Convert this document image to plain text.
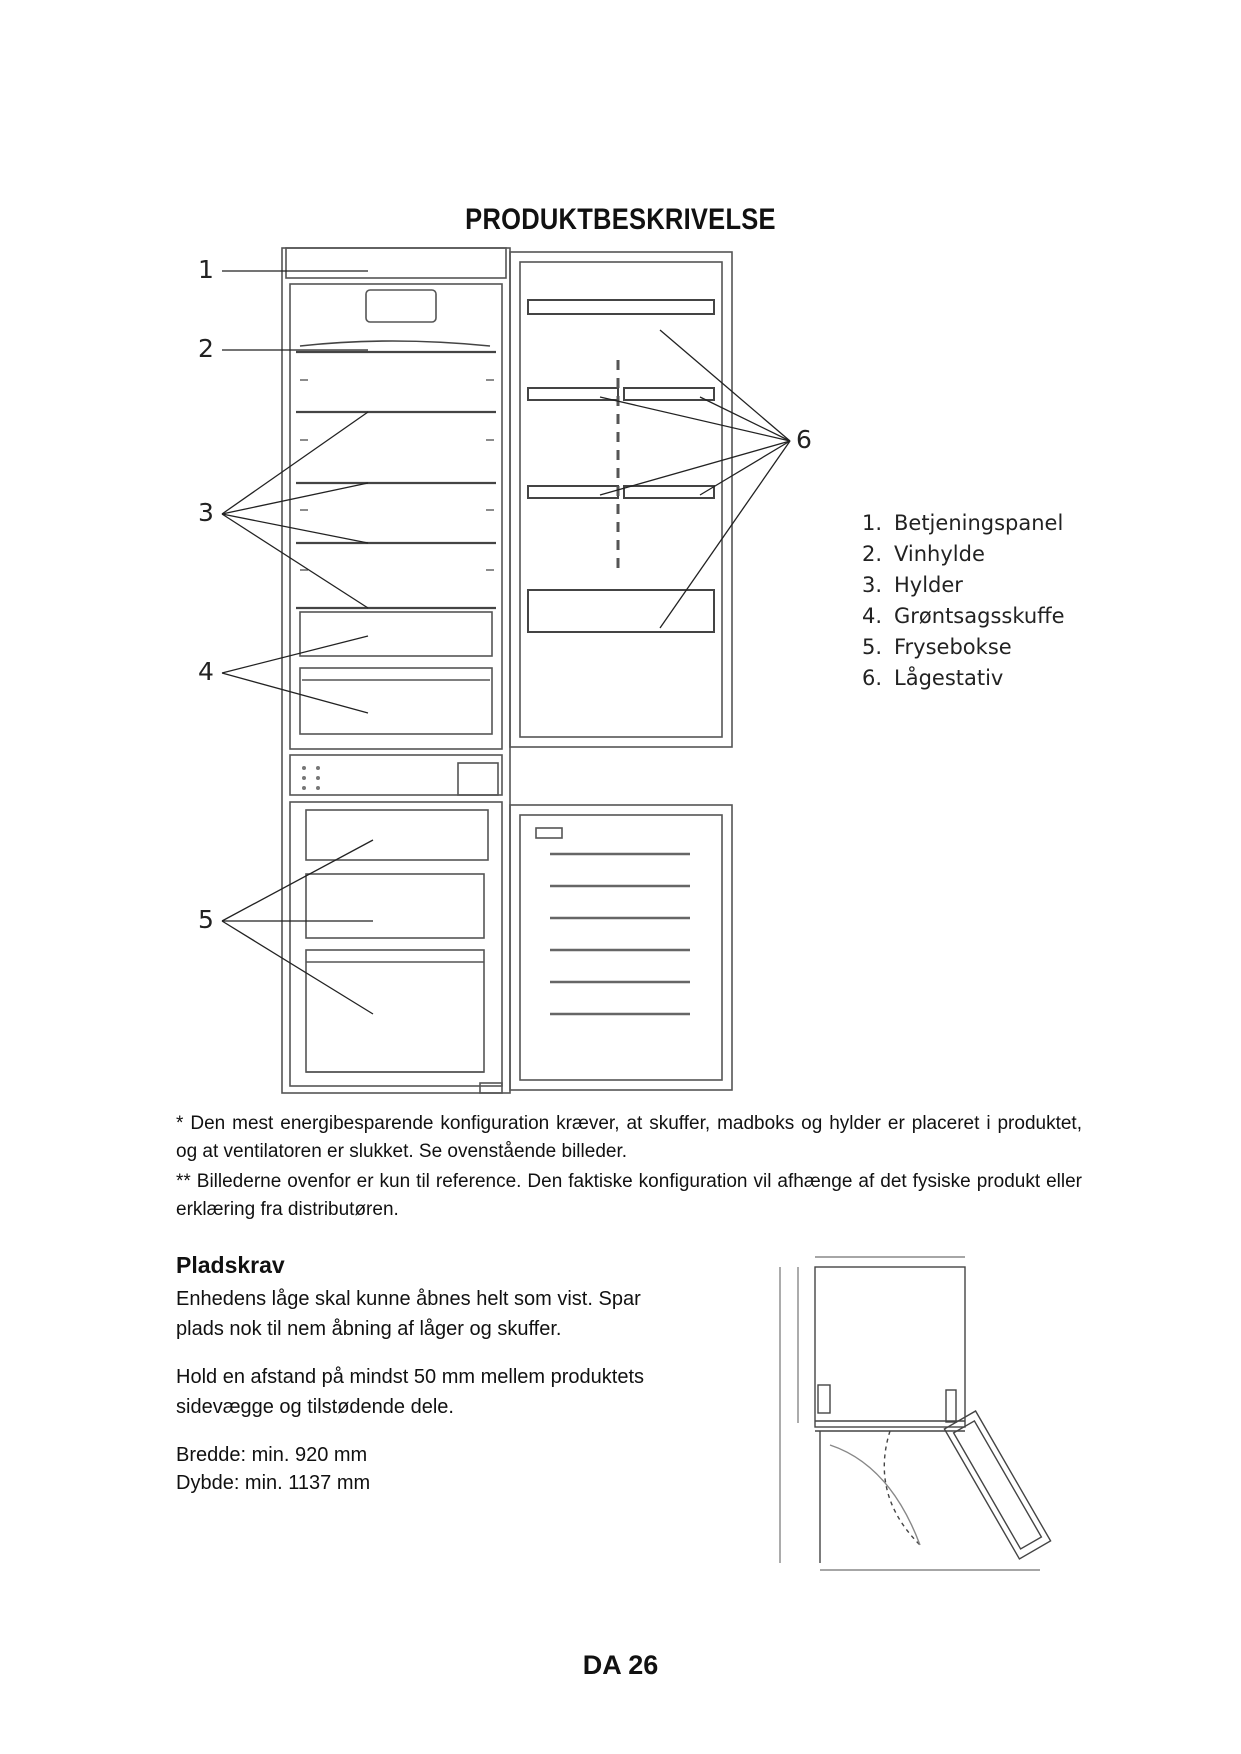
PRODUKTBESKRIVELSE
1
2
3
4
5
6
1. Betjeningspanel
2. Vinhylde
3. Hylder
4. Grøntsagsskuffe
5. Frysebokse
6. Lågestativ

* Den mest energibesparende konfiguration kræver, at skuffer, madboks og hylder er placeret i produktet, og at ventilatoren er slukket. Se ovenstående billeder.

** Billederne ovenfor er kun til reference. Den faktiske konfiguration vil afhænge af det fysiske produkt eller erklæring fra distributøren.

Pladskrav
Enhedens låge skal kunne åbnes helt som vist. Spar plads nok til nem åbning af låger og skuffer.
Hold en afstand på mindst 50 mm mellem produktets sidevægge og tilstødende dele.
Bredde: min. 920 mm
Dybde: min. 1137 mm
DA 26
